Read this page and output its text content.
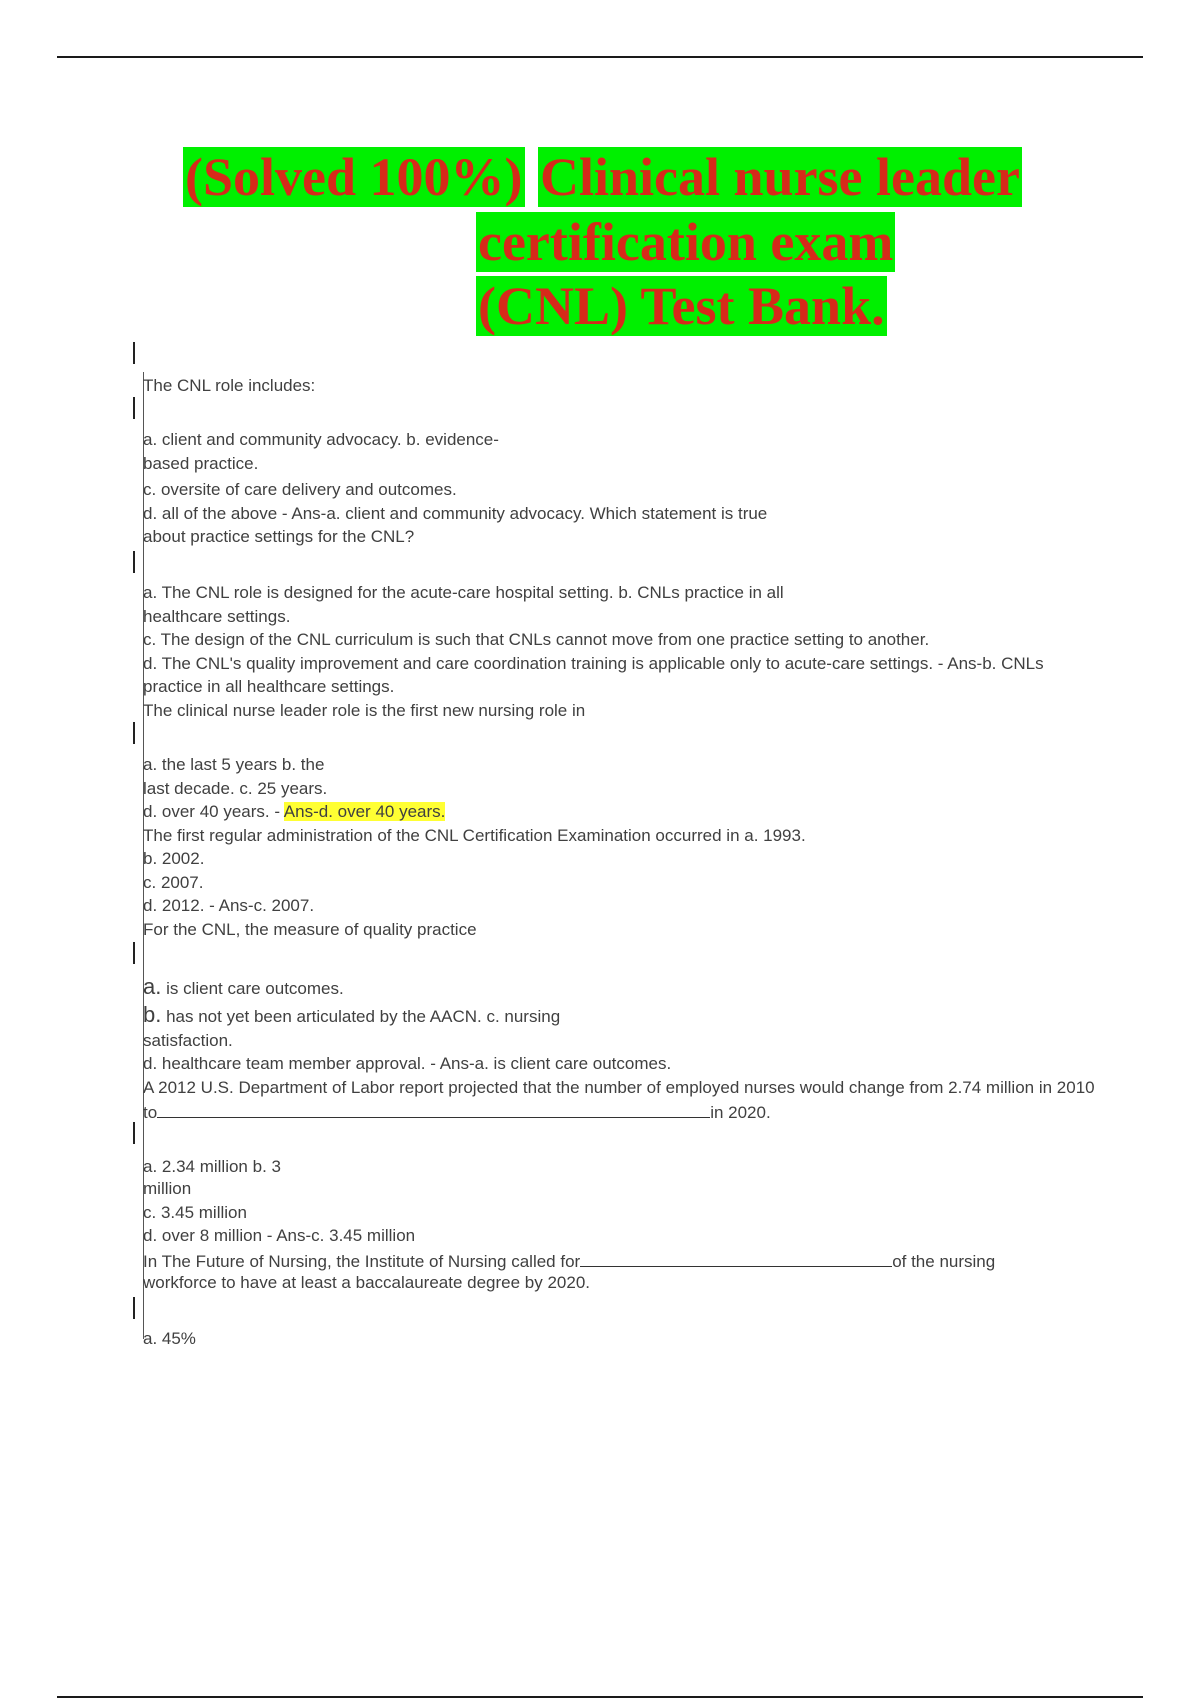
(Solved 100%) Clinical nurse leader
certification exam
(CNL) Test Bank.
The CNL role includes:
a. client and community advocacy. b. evidence-
based practice.
c. oversite of care delivery and outcomes.
d. all of the above - Ans-a. client and community advocacy. Which statement is true
about practice settings for the CNL?
a. The CNL role is designed for the acute-care hospital setting. b. CNLs practice in all
healthcare settings.
c. The design of the CNL curriculum is such that CNLs cannot move from one practice setting to another.
d. The CNL's quality improvement and care coordination training is applicable only to acute-care settings. - Ans-b. CNLs
practice in all healthcare settings.
The clinical nurse leader role is the first new nursing role in
a. the last 5 years b. the
last decade. c. 25 years.
d. over 40 years. - Ans-d. over 40 years.
The first regular administration of the CNL Certification Examination occurred in a. 1993.
b. 2002.
c. 2007.
d. 2012. - Ans-c. 2007.
For the CNL, the measure of quality practice
a. is client care outcomes.
b. has not yet been articulated by the AACN. c. nursing
satisfaction.
d. healthcare team member approval. - Ans-a. is client care outcomes.
A 2012 U.S. Department of Labor report projected that the number of employed nurses would change from 2.74 million in 2010
to	in 2020.
a. 2.34 million b. 3
million
c. 3.45 million
d. over 8 million - Ans-c. 3.45 million
In The Future of Nursing, the Institute of Nursing called for	of the nursing
workforce to have at least a baccalaureate degree by 2020.
a. 45%
